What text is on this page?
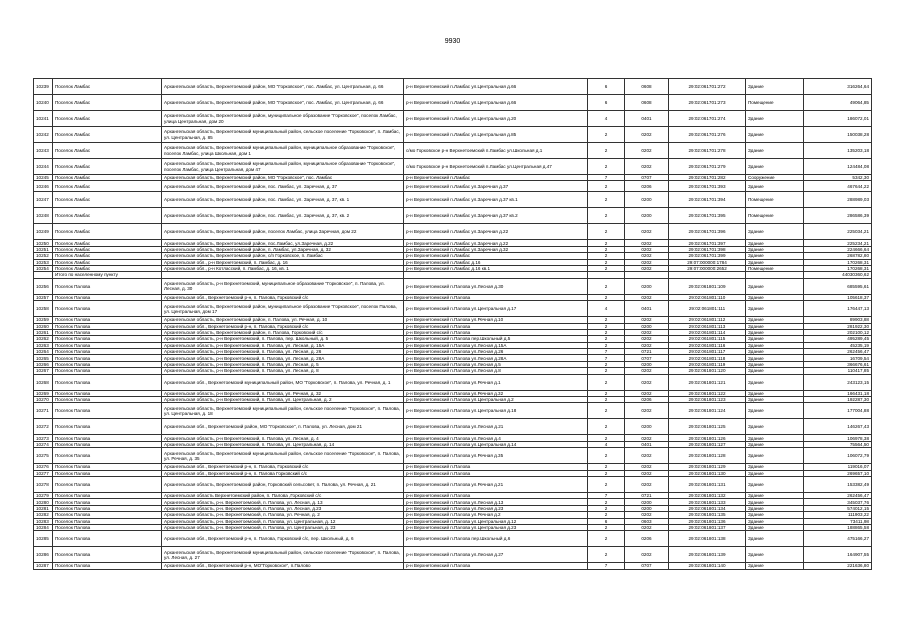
9930
10239	Поселок Ламбас	Архангельская область, Верхнетоемский район, МО "Горковское", пос. Ламбас, ул. Центральная, д. 66	р-н Верхнетоемский п.Ламбас ул.Центральная д.66	6	0608	29:02:061701:272	Здание	316264,64
10240	Поселок Ламбас	Архангельская область, Верхнетоемский район, МО "Горковское", пос. Ламбас, ул. Центральная, д. 66	р-н Верхнетоемский п.Ламбас ул.Центральная д.66	6	0608	29:02:061701:273	Помещение	49064,85
10241	Поселок Ламбас	Архангельская область, Верхнетоемский район, муниципальное образование "Горковское", поселок Ламбас, улица Центральная, дом 20	р-н Верхнетоемский п.Ламбас ул.Центральная д.20	4	0401	29:02:061701:274	Здание	186072,01
10242	Поселок Ламбас	Архангельская область, Верхнетоемский муниципальный район, сельское поселение "Горковское", п. Ламбас, ул. Центральная, д. 85	р-н Верхнетоемский п.Ламбас ул.Центральная д.85	2	0202	29:02:061701:276	Здание	150038,28
10243	Поселок Ламбас	Архангельская область, Верхнетоемский муниципальный район, муниципальное образование "Горковское", поселок Ламбас, улица Школьная, дом 1	с/мо Горковское р-н Верхнетоемский п.Ламбас ул.Школьная д.1	2	0202	29:02:061701:278	Здание	135203,18
10244	Поселок Ламбас	Архангельская область, Верхнетоемский муниципальный район, муниципальное образование "Горковское", поселок Ламбас, улица Центральная, дом 47	с/мо Горковское р-н Верхнетоемский п.Ламбас ул.Центральная д.47	2	0202	29:02:061701:279	Здание	124484,08
10245	Поселок Ламбас	Архангельская область, Верхнетоемский район, МО "Горковское", пос. Ламбас	р-н Верхнетоемский п.Ламбас	7	0707	29:02:061701:282	Сооружение	5342,30
10246	Поселок Ламбас	Архангельская область, Верхнетоемский район, пос. Ламбас, ул. Заречная, д. 37	р-н Верхнетоемский п.Ламбас ул.Заречная д.37	2	0206	29:02:061701:393	Здание	467644,22
10247	Поселок Ламбас	Архангельская область, Верхнетоемский район, пос. Ламбас, ул. Заречная, д. 37, кв. 1	р-н Верхнетоемский п.Ламбас ул.Заречная д.37 кв.1	2	0200	29:02:061701:394	Помещение	288989,03
10248	Поселок Ламбас	Архангельская область, Верхнетоемский район, пос. Ламбас, ул. Заречная, д. 37, кв. 2	р-н Верхнетоемский п.Ламбас ул.Заречная д.37 кв.2	2	0200	29:02:061701:395	Помещение	286586,39
10249	Поселок Ламбас	Архангельская область, Верхнетоемский район, поселок Ламбас, улица Заречная, дом 22	р-н Верхнетоемский п.Ламбас ул.Заречная д.22	2	0202	29:02:061701:396	Здание	225034,21
10250	Поселок Ламбас	Архангельская область, Верхнетоемский район, пос.Ламбас, ул.Заречная, д.22	р-н Верхнетоемский п.Ламбас ул.Заречная д.22	2	0202	29:02:061701:397	Здание	225234,21
10251	Поселок Ламбас	Архангельская область, Верхнетоемский район, п. Ламбас, ул.Заречная, д. 32	р-н Верхнетоемский п.Ламбас ул.Заречная д.32	2	0202	29:02:061701:398	Здание	224666,64
10252	Поселок Ламбас	Архангельская область, Верхнетоемский район, с/п Горковское, п. Ламбас	р-н Верхнетоемский п.Ламбас	2	0202	29:02:061701:399	Здание	268782,80
10253	Поселок Ламбас	Архангельская обл., р-н Верхнетоемский, п. Ламбас, д. 16	р-н Верхнетоемский п.Ламбас д.16	2	0202	29:07:000000:1784	Здание	170268,31
10254	Поселок Ламбас	Архангельская обл., р-н Котласский, п. Ламбас, д. 16, кв. 1	р-н Верхнетоемский п.Ламбас д.16 кв.1	2	0202	29:07:000000:2652	Помещение	170268,31
	Итого по населенному пункту							44030360,62
10256	Поселок Палова	Архангельская область, р-н Верхнетоемский, муниципальное образование "Горковское", п. Палова, ул. Лесная, д. 30	р-н Верхнетоемский п.Палова ул.Лесная д.30	2	0200	29:02:061801:109	Здание	685595,61
10257	Поселок Палова	Архангельская обл., Верхнетоемский р-н, п. Палова, Горковский с/с	р-н Верхнетоемский п.Палова	2	0202	29:02:061801:110	Здание	105618,37
10258	Поселок Палова	Архангельская область, Верхнетоемский район, муниципальное образование "Горковское", поселок Палова, ул. Центральная, дом 17	р-н Верхнетоемский п.Палова ул.Центральная д.17	4	0401	29:02:061801:111	Здание	176447,13
10259	Поселок Палова	Архангельская область, Верхнетоемский район, п. Палова, ул. Речная, д. 10	р-н Верхнетоемский п.Палова ул.Речная д.10	2	0202	29:02:061801:112	Здание	89903,88
10260	Поселок Палова	Архангельская обл., Верхнетоемский р-н, п. Палова, Горковский с/с	р-н Верхнетоемский п.Палова	2	0200	29:02:061801:113	Здание	281922,30
10261	Поселок Палова	Архангельская область, Верхнетоемский район, п. Палова, Горковский с/с	р-н Верхнетоемский п.Палова	2	0202	29:02:061801:114	Здание	202100,12
10262	Поселок Палова	Архангельская область, р-н Верхнетоемский, п. Палова, пер. Школьный, д. 5	р-н Верхнетоемский п.Палова пер.Школьный д.5	2	0202	29:02:061801:115	Здание	495289,45
10263	Поселок Палова	Архангельская область, р-н Верхнетоемский, п. Палова, ул. Лесная, д. 15А	р-н Верхнетоемский п.Палова ул.Лесная д.15А	2	0202	29:02:061801:116	Здание	45235,19
10264	Поселок Палова	Архангельская область, р-н Верхнетоемский, п. Палова, ул. Лесная, д. 26	р-н Верхнетоемский п.Палова ул.Лесная д.26	7	0721	29:02:061801:117	Здание	262456,47
10265	Поселок Палова	Архангельская область, р-н Верхнетоемский, п. Палова, ул. Лесная, д. 28А	р-н Верхнетоемский п.Палова ул.Лесная д.28А	7	0707	29:02:061801:118	Здание	16709,54
10266	Поселок Палова	Архангельская область, р-н Верхнетоемский, п. Палова, ул. Лесная, д. 5	р-н Верхнетоемский п.Палова ул.Лесная д.5	2	0200	29:02:061801:119	Здание	366676,61
10267	Поселок Палова	Архангельская область, р-н Верхнетоемский, п. Палова, ул. Лесная, д. 8	р-н Верхнетоемский п.Палова ул.Лесная д.8	2	0202	29:02:061801:120	Здание	110417,85
10268	Поселок Палова	Архангельская обл., Верхнетоемский муниципальный район, МО "Горковское", п. Палова, ул. Речная, д. 1	р-н Верхнетоемский п.Палова ул.Речная д.1	2	0202	29:02:061801:121	Здание	243123,15
10269	Поселок Палова	Архангельская область, р-н Верхнетоемский, п. Палова, ул. Речная, д. 32	р-н Верхнетоемский п.Палова ул.Речная д.32	2	0202	29:02:061801:122	Здание	166431,18
10270	Поселок Палова	Архангельская область, р-н Верхнетоемский, п. Палова, ул. Центральная, д. 2	р-н Верхнетоемский п.Палова ул.Центральная д.2	2	0206	29:02:061801:123	Здание	192287,30
10271	Поселок Палова	Архангельская область, Верхнетоемский муниципальный район, сельское поселение "Горковское", п. Палова, ул. Центральная, д. 18	р-н Верхнетоемский п.Палова ул.Центральная д.18	2	0202	29:02:061801:124	Здание	177004,88
10272	Поселок Палова	Архангельская обл., Верхнетоемский район, МО "Горковское", п. Палова, ул. Лесная, дом 21	р-н Верхнетоемский п.Палова ул.Лесная д.21	2	0200	29:02:061801:125	Здание	146267,43
10273	Поселок Палова	Архангельская область, р-н Верхнетоемский, п. Палова, ул. Лесная, д. 4	р-н Верхнетоемский п.Палова ул.Лесная д.4	2	0202	29:02:061801:126	Здание	106978,38
10274	Поселок Палова	Архангельская область, р-н Верхнетоемский, п. Палова, ул. Центральная, д. 14	р-н Верхнетоемский п.Палова ул.Центральная д.14	4	0401	29:02:061801:127	Здание	75564,50
10275	Поселок Палова	Архангельская область, Верхнетоемский муниципальный район, сельское поселение "Горковское", п. Палова, ул. Речная, д. 35	р-н Верхнетоемский п.Палова ул.Речная д.35	2	0202	29:02:061801:128	Здание	106072,79
10276	Поселок Палова	Архангельская обл., Верхнетоемский р-н, п. Палова, Горковский с/с	р-н Верхнетоемский п.Палова	2	0202	29:02:061801:129	Здание	119016,07
10277	Поселок Палова	Архангельская обл., Верхнетоемский р-н, п. Палова Горковский с/с	р-н Верхнетоемский п.Палова	2	0202	29:02:061801:130	Здание	269657,10
10278	Поселок Палова	Архангельская область, Верхнетоемский район, Горковский сельсовет, п. Палова, ул. Речная, д. 21	р-н Верхнетоемский п.Палова ул.Речная д.21	2	0202	29:02:061801:131	Здание	153382,49
10279	Поселок Палова	Архангельская область Верхнетоемский район, п. Палова ,Горковский с/с	р-н Верхнетоемский п.Палова	7	0721	29:02:061801:132	Здание	262456,47
10280	Поселок Палова	Архангельская область, р-н. Верхнетоемский, п. Палова, ул. Лесная, д. 13	р-н Верхнетоемский п.Палова ул.Лесная д.13	2	0200	29:02:061801:133	Здание	345037,76
10281	Поселок Палова	Архангельская область, р-н. Верхнетоемский, п. Палова, ул. Лесная, д.23	р-н Верхнетоемский п.Палова ул.Лесная д.23	2	0200	29:02:061801:134	Здание	574012,15
10282	Поселок Палова	Архангельская область, р-н. Верхнетоемский, п. Палова, ул. Речная, д. 2	р-н Верхнетоемский п.Палова ул.Речная д.2	2	0202	29:02:061801:135	Здание	111903,22
10283	Поселок Палова	Архангельская область, р-н. Верхнетоемский, п. Палова, ул. Центральная, д. 12	р-н Верхнетоемский п.Палова ул.Центральная д.12	6	0603	29:02:061801:136	Здание	73411,98
10284	Поселок Палова	Архангельская область, р-н. Верхнетоемский, п. Палова, ул. Центральная, д. 23	р-н Верхнетоемский п.Палова ул.Центральная д.23	2	0202	29:02:061801:137	Здание	188865,58
10285	Поселок Палова	Архангельская обл., Верхнетоемский р-н, п. Палова, Горковский с/с, пер. Школьный, д. 6	р-н Верхнетоемский п.Палова пер.Школьный д.6	2	0206	29:02:061801:138	Здание	475166,27
10286	Поселок Палова	Архангельская область, Верхнетоемский муниципальный район, сельское поселение "Горковское", п. Палова, ул. Лесная, д. 27	р-н Верхнетоемский п.Палова ул.Лесная д.27	2	0202	29:02:061801:139	Здание	164907,55
10287	Поселок Палова	Архангельская обл., Верхнетоемский р-н, МО"Горковское", п.Палово	р-н Верхнетоемский п.Палова	7	0707	29:02:061801:140	Здание	221636,80
